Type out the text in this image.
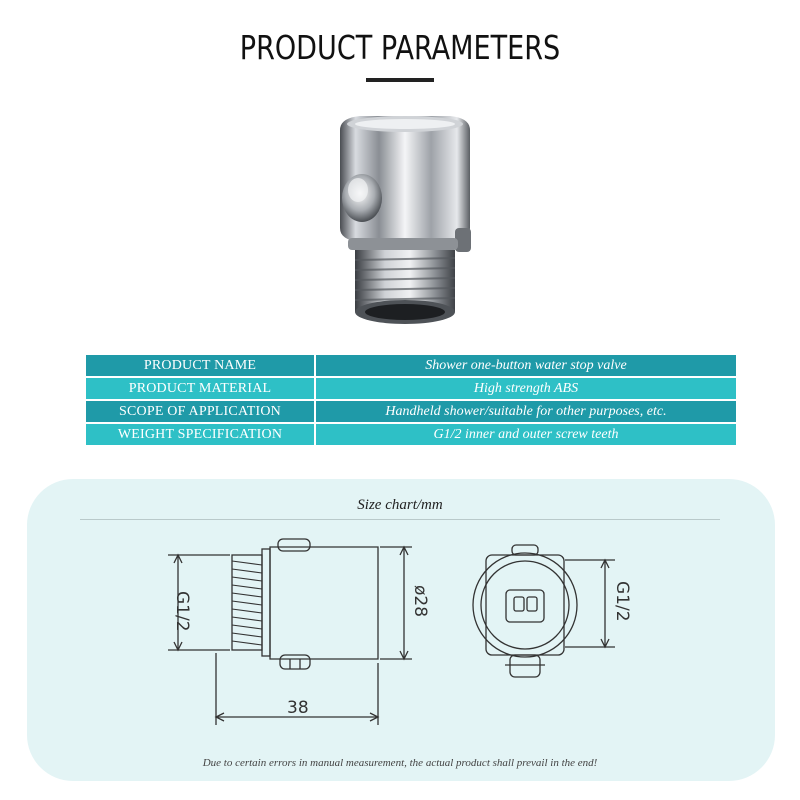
PRODUCT PARAMETERS
PRODUCT NAME	Shower one-button water stop valve
PRODUCT MATERIAL	High strength ABS
SCOPE OF APPLICATION	Handheld shower/suitable for other purposes, etc.
WEIGHT SPECIFICATION	G1/2 inner and outer screw teeth
Size chart/mm
G1/2	ø28
38
G1/2
Due to certain errors in manual measurement, the actual product shall prevail in the end!
